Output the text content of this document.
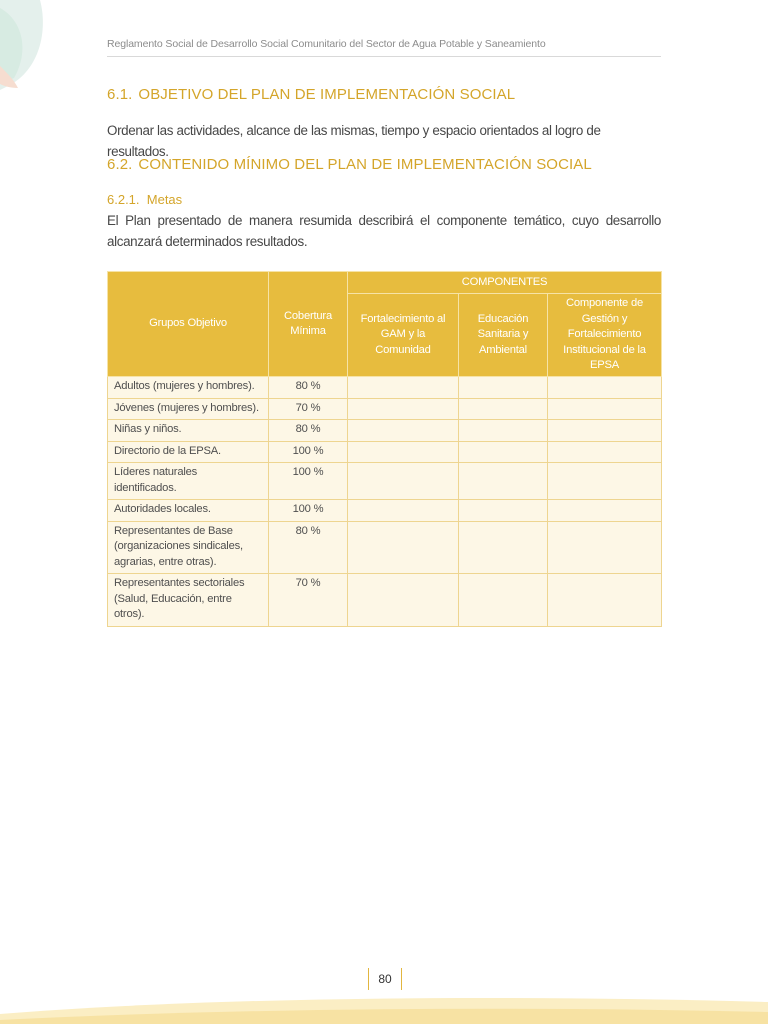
Reglamento Social de Desarrollo Social Comunitario del Sector de Agua Potable y Saneamiento
6.1. OBJETIVO DEL PLAN DE IMPLEMENTACIÓN SOCIAL
Ordenar las actividades, alcance de las mismas, tiempo y espacio orientados al logro de resultados.
6.2. CONTENIDO MÍNIMO DEL PLAN DE IMPLEMENTACIÓN SOCIAL
6.2.1. Metas
El Plan presentado de manera resumida describirá el componente temático, cuyo desarrollo alcanzará determinados resultados.
Grupos Objetivo	Cobertura Mínima	COMPONENTES		
		Fortalecimiento al GAM y la Comunidad	Educación Sanitaria y Ambiental	Componente de Gestión y Fortalecimiento Institucional de la EPSA
Adultos (mujeres y hombres).	80 %			
Jóvenes (mujeres y hombres).	70 %			
Niñas y niños.	80 %			
Directorio de la EPSA.	100 %			
Líderes naturales identificados.	100 %			
Autoridades locales.	100 %			
Representantes de Base (organizaciones sindicales, agrarias, entre otras).	80 %			
Representantes sectoriales (Salud, Educación, entre otros).	70 %			
80
